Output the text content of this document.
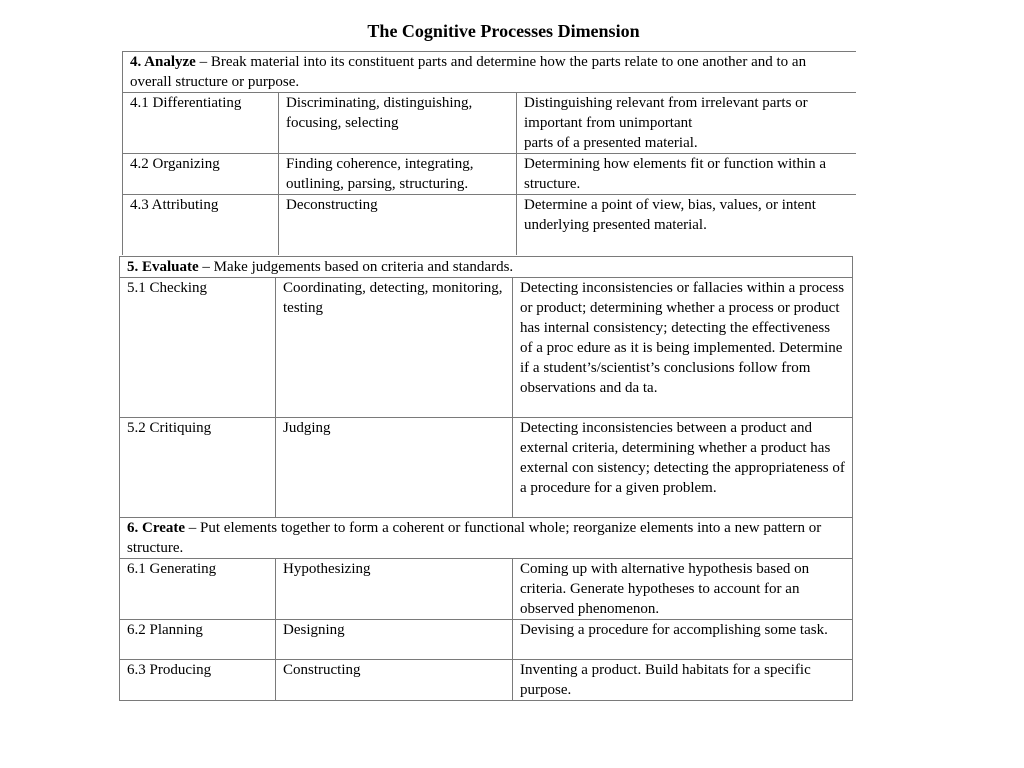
The Cognitive Processes Dimension
4. Analyze – Break material into its constituent parts and determine how the parts relate to one another and to an overall structure or purpose.		
4.1 Differentiating	Discriminating, distinguishing, focusing, selecting	Distinguishing relevant from irrelevant parts or
important from unimportant
parts of a presented material.

4.2 Organizing	Finding coherence, integrating, outlining, parsing, structuring.	Determining how elements fit or function within a structure.
4.3 Attributing	Deconstructing	Determine a point of view, bias, values, or intent underlying presented material.
5. Evaluate – Make judgements based on criteria and standards.		
5.1 Checking	Coordinating, detecting, monitoring, testing	Detecting inconsistencies or fallacies within a process or product; determining whether a process or product has internal consistency; detecting the effectiveness of a proc edure as it is being implemented. Determine if a student’s/scientist’s conclusions follow from observations and da ta.
5.2 Critiquing	Judging	Detecting inconsistencies between a product and external criteria, determining whether a product has external con sistency; detecting the appropriateness of a procedure for a given problem.
6. Create – Put elements together to form a coherent or functional whole; reorganize elements into a new pattern or structure.		
6.1 Generating	Hypothesizing	Coming up with alternative hypothesis based on criteria. Generate hypotheses to account for an observed phenomenon.
6.2 Planning	Designing	Devising a procedure for accomplishing some task.
6.3 Producing	Constructing	Inventing a product. Build habitats for a specific purpose.
